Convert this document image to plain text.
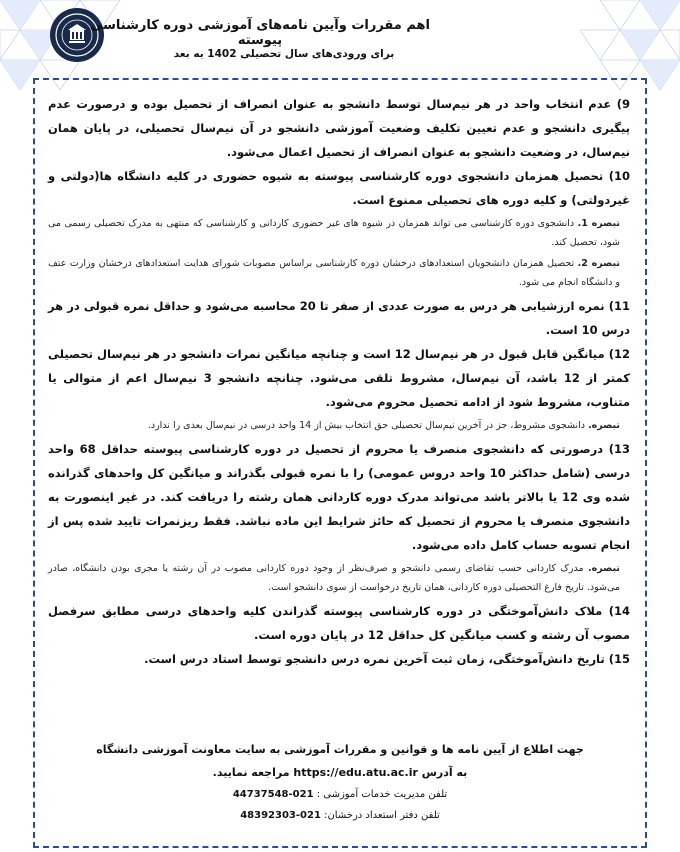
اهم مقررات وآیین نامه‌های آموزشی دوره کارشناسی پیوسته
برای ورودی‌های سال تحصیلی 1402 به بعد

9) عدم انتخاب واحد در هر نیم‌سال توسط دانشجو به عنوان انصراف از تحصیل بوده و درصورت عدم پیگیری دانشجو و عدم تعیین تکلیف وضعیت آموزشی دانشجو در آن نیم‌سال تحصیلی، در پایان همان نیم‌سال، در وضعیت دانشجو به عنوان انصراف از تحصیل اعمال می‌شود.

10) تحصیل همزمان دانشجوی دوره کارشناسی پیوسته به شیوه حضوری در کلیه دانشگاه ها(دولتی و غیردولتی) و کلیه دوره های تحصیلی ممنوع است.

تبصره 1. دانشجوی دوره کارشناسی می تواند همزمان در شیوه های غیر حضوری کاردانی و کارشناسی که منتهی به مدرک تحصیلی رسمی می شود، تحصیل کند.

تبصره 2. تحصیل همزمان دانشجویان استعدادهای درخشان دوره کارشناسی براساس مصوبات شورای هدایت استعدادهای درخشان وزارت عتف و دانشگاه انجام می شود.

11) نمره ارزشیابی هر درس به صورت عددی از صفر تا 20 محاسبه می‌شود و حداقل نمره قبولی در هر درس 10 است.

12) میانگین قابل قبول در هر نیم‌سال 12 است و چنانچه میانگین نمرات دانشجو در هر نیم‌سال تحصیلی کمتر از 12 باشد، آن نیم‌سال، مشروط تلقی می‌شود. چنانچه دانشجو 3 نیم‌سال اعم از متوالی یا متناوب، مشروط شود از ادامه تحصیل محروم می‌شود.

تبصره. دانشجوی مشروط، جز در آخرین نیم‌سال تحصیلی حق انتخاب بیش از 14 واحد درسی در نیم‌سال بعدی را ندارد.

13) درصورتی که دانشجوی منصرف یا محروم از تحصیل در دوره کارشناسی پیوسته حداقل 68 واحد درسی (شامل حداکثر 10 واحد دروس عمومی) را با نمره قبولی بگذراند و میانگین کل واحدهای گذرانده شده وی 12 یا بالاتر باشد می‌تواند مدرک دوره کاردانی همان رشته را دریافت کند. در غیر اینصورت به دانشجوی منصرف یا محروم از تحصیل که حائز شرایط این ماده نباشد. فقط ریزنمرات تایید شده پس از انجام تسویه حساب کامل داده می‌شود.

تبصره. مدرک کاردانی حسب تقاضای رسمی دانشجو و صرف‌نظر از وجود دوره کاردانی مصوب در آن رشته یا مجری بودن دانشگاه، صادر می‌شود. تاریخ فارغ التحصیلی دوره کاردانی، همان تاریخ درخواست از سوی دانشجو است.

14) ملاک دانش‌آموختگی در دوره کارشناسی پیوسته گذراندن کلیه واحدهای درسی مطابق سرفصل مصوب آن رشته و کسب میانگین کل حداقل 12 در پایان دوره است.

15) تاریخ دانش‌آموختگی، زمان ثبت آخرین نمره درس دانشجو توسط استاد درس است.

جهت اطلاع از آیین نامه ها و قوانین و مقررات آموزشی به سایت معاونت آموزشی دانشگاه

به آدرس https://edu.atu.ac.ir مراجعه نمایید.

تلفن مدیریت خدمات آموزشی : 021-44737548

تلفن دفتر استعداد درخشان: 021-48392303
